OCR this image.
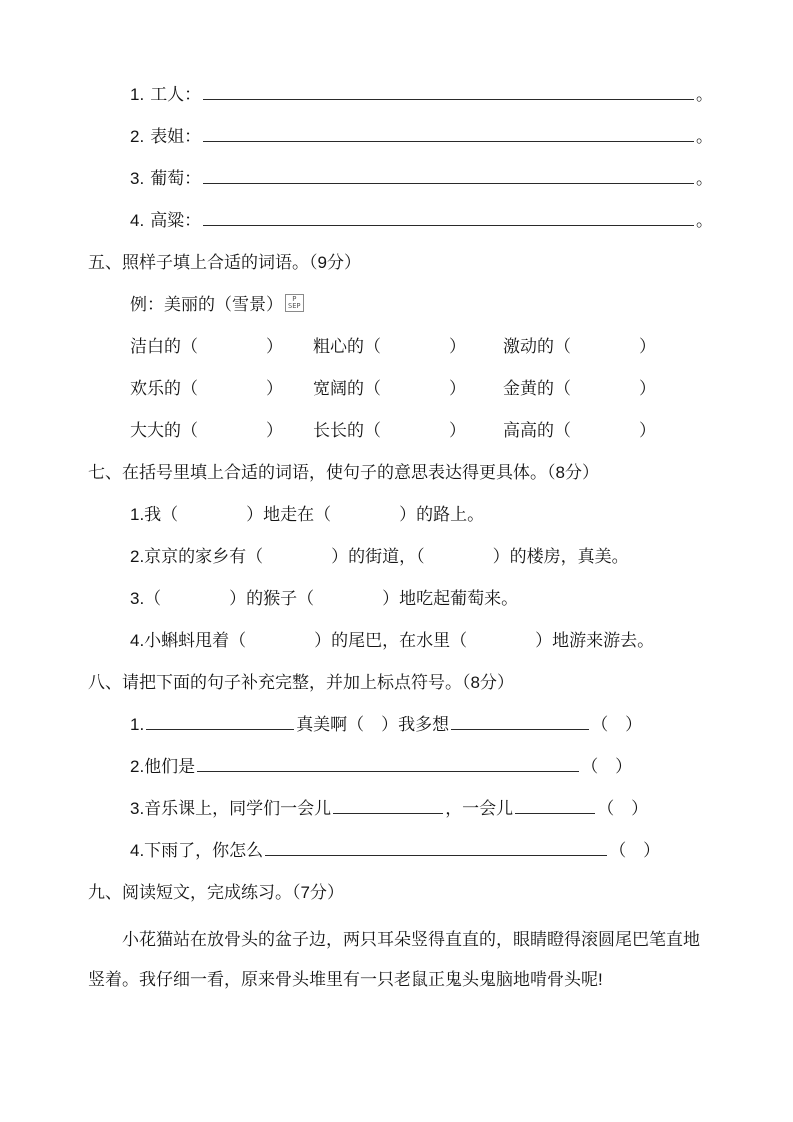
1. 工人：	。
2. 表姐：	。
3. 葡萄：	。
4. 高粱：	。
五、照样子填上合适的词语。（9分）
例：美丽的（雪景）	P
SEP
洁白的（　　　　）	粗心的（　　　　）	激动的（　　　　）
欢乐的（　　　　）	宽阔的（　　　　）	金黄的（　　　　）
大大的（　　　　）	长长的（　　　　）	高高的（　　　　）
七、在括号里填上合适的词语，使句子的意思表达得更具体。（8分）
1.我（　　　　）地走在（　　　　）的路上。
2.京京的家乡有（　　　　）的街道，（　　　　）的楼房，真美。
3.（　　　　）的猴子（　　　　）地吃起葡萄来。
4.小蝌蚪甩着（　　　　）的尾巴，在水里（　　　　）地游来游去。
八、请把下面的句子补充完整，并加上标点符号。（8分）
1.	真美啊（　）我多想	（　）
2.他们是	（　）
3.音乐课上，同学们一会儿	，一会儿	（　）
4.下雨了，你怎么	（　）
九、阅读短文，完成练习。（7分）

小花猫站在放骨头的盆子边，两只耳朵竖得直直的，眼睛瞪得滚圆尾巴笔直地竖着。我仔细一看，原来骨头堆里有一只老鼠正鬼头鬼脑地啃骨头呢!
